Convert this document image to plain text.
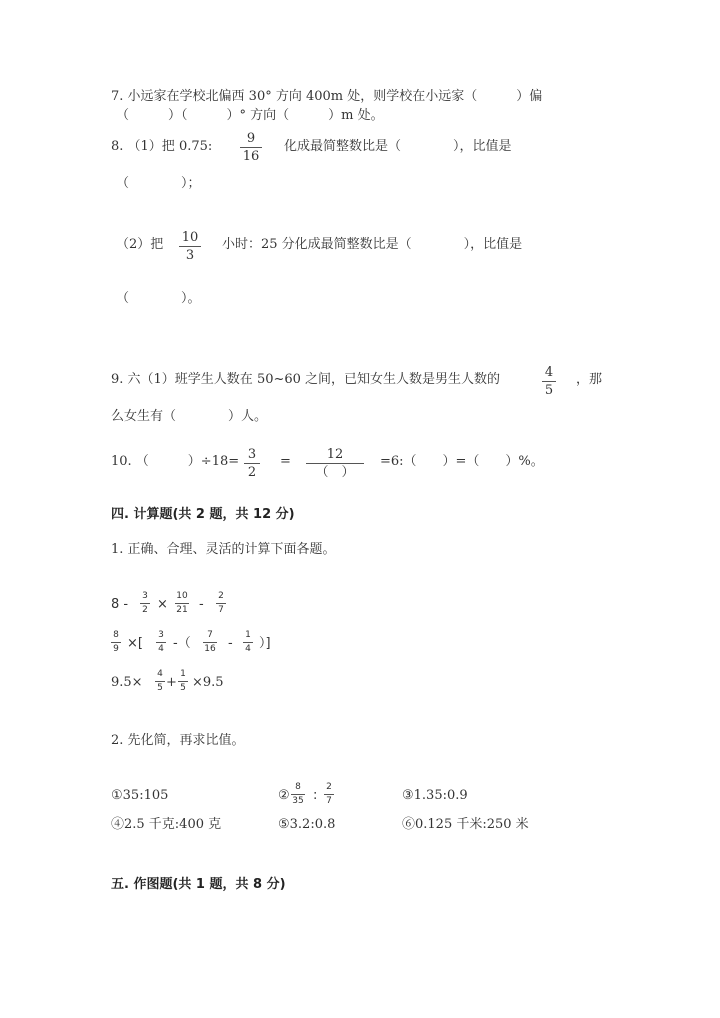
7. 小远家在学校北偏西 30° 方向 400m 处，则学校在小远家（　　　）偏
（　　　）（　　　）° 方向（　　　）m 处。
8. （1）把 0.75:
9
16
化成最简整数比是（　　　　），比值是
（　　　　）；
（2）把 10
3
小时：25 分化成最简整数比是（　　　　），比值是
（　　　　）。
9. 六（1）班学生人数在 50~60 之间，已知女生人数是男生人数的	4
5
，那
么女生有（　　　　）人。
10. （　　　）÷18= 3
2
=	12
（　）
=6:（　　）=（　　）%。
四. 计算题(共 2 题，共 12 分)
1. 正确、合理、灵活的计算下面各题。
8 -
3
2 ×
10
21 -
2
7
8
9 ×[
3
4 -（
7
16 -
1
4 ）]
9.5×
4
5 +
1
5 ×9.5
2. 先化简，再求比值。
①35:105	②
8
35 :
2
7	③1.35:0.9
④2.5 千克:400 克	⑤3.2:0.8	⑥0.125 千米:250 米
五. 作图题(共 1 题，共 8 分)
